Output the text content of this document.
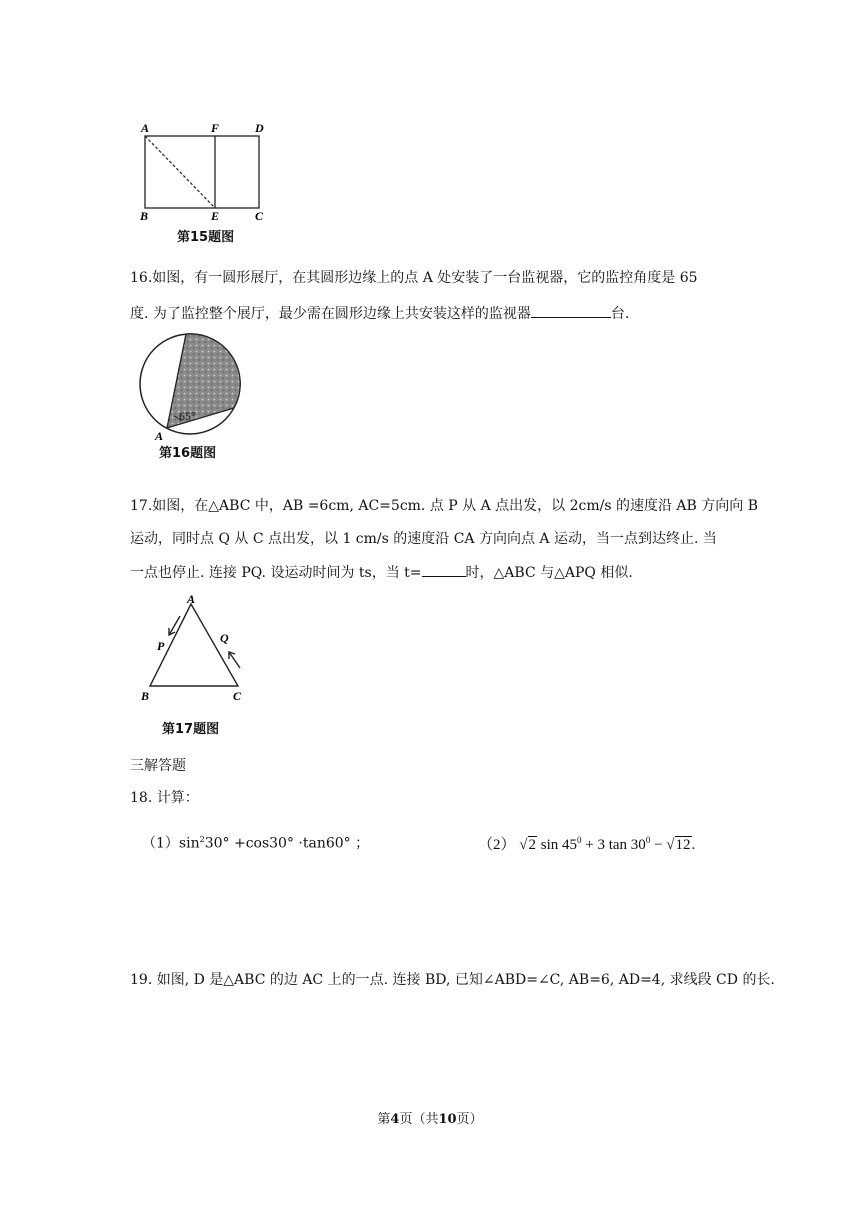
A	F	D
B	E	C
第15题图
16.如图，有一圆形展厅，在其圆形边缘上的点 A 处安装了一台监视器，它的监控角度是 65
度. 为了监控整个展厅，最少需在圆形边缘上共安装这样的监视器	台.
65°
A
第16题图
17.如图，在△ABC 中，AB =6cm, AC=5cm. 点 P 从 A 点出发，以 2cm/s 的速度沿 AB 方向向 B
运动，同时点 Q 从 C 点出发，以 1 cm/s 的速度沿 CA 方向向点 A 运动，当一点到达终止. 当
一点也停止. 连接 PQ. 设运动时间为 ts，当 t=	时，△ABC 与△APQ 相似.
A
P
Q
B	C
第17题图
三解答题
18. 计算：
$(1)\sin^230^\circ +\cos 30^\circ \cdot\tan 60^\circ$ ；	（2） √2 $\sin 45^0 + 3$ $\tan 30^0 - √12$.
19. 如图, D 是△ABC 的边 AC 上的一点. 连接 BD, 已知∠ABD=∠C, AB=6, AD=4, 求线段 CD 的长.
第4页（共10页）
